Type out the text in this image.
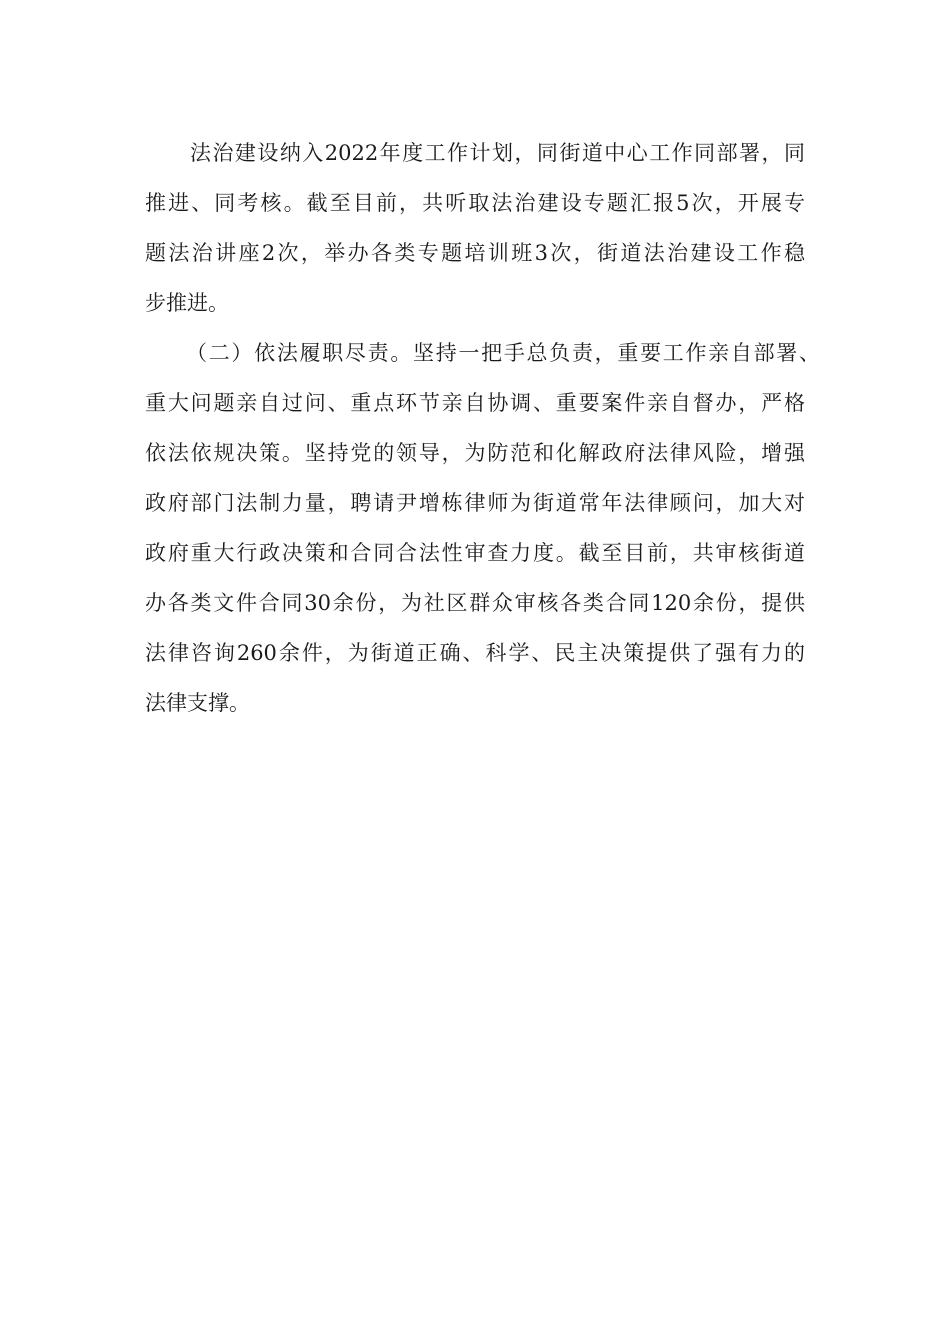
法治建设纳入2022年度工作计划，同街道中心工作同部署，同
推进、同考核。截至目前，共听取法治建设专题汇报5次，开展专
题法治讲座2次，举办各类专题培训班3次，街道法治建设工作稳
步推进。
（二）依法履职尽责。坚持一把手总负责，重要工作亲自部署、
重大问题亲自过问、重点环节亲自协调、重要案件亲自督办，严格
依法依规决策。坚持党的领导，为防范和化解政府法律风险，增强
政府部门法制力量，聘请尹增栋律师为街道常年法律顾问，加大对
政府重大行政决策和合同合法性审查力度。截至目前，共审核街道
办各类文件合同30余份，为社区群众审核各类合同120余份，提供
法律咨询260余件，为街道正确、科学、民主决策提供了强有力的
法律支撑。
